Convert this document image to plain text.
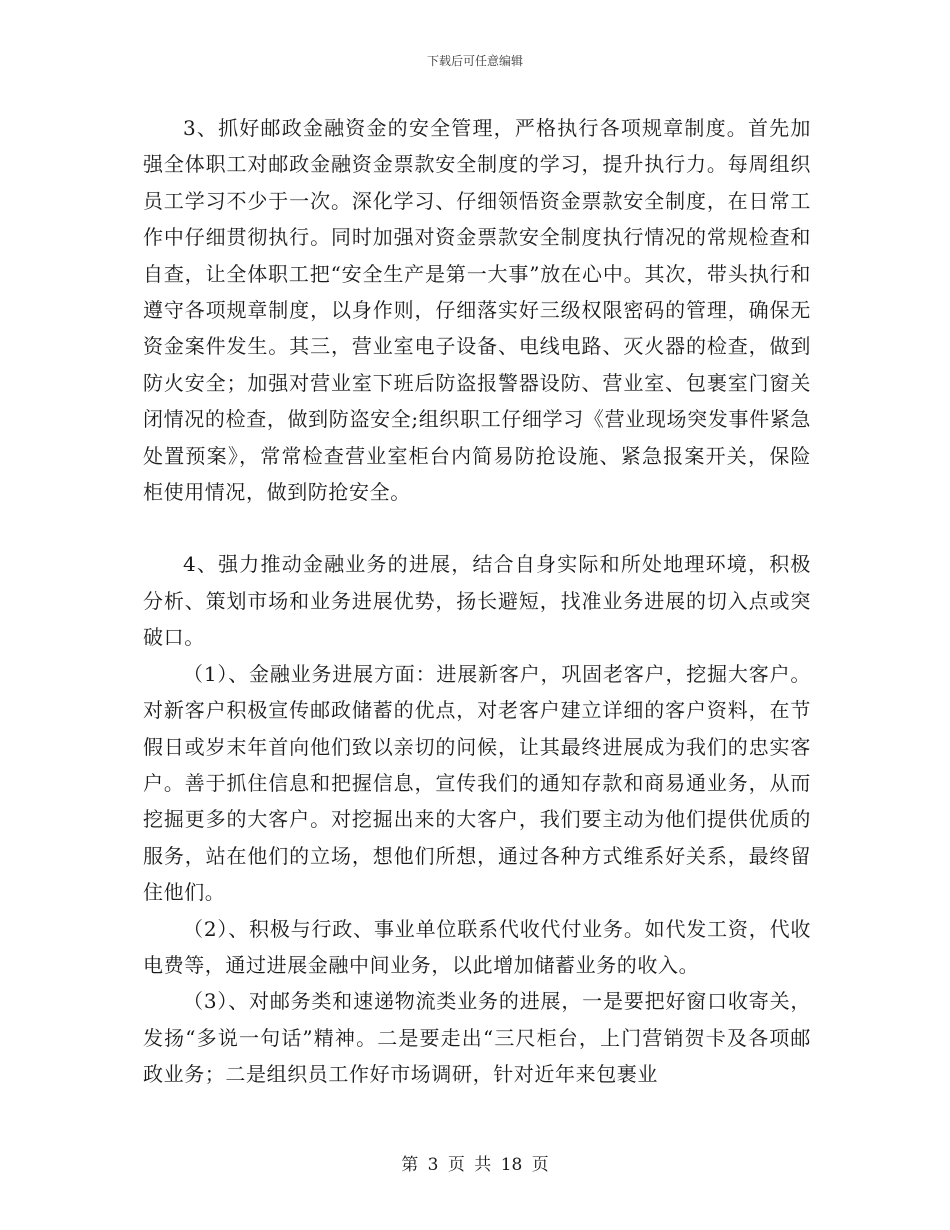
下载后可任意编辑

3、抓好邮政金融资金的安全管理，严格执行各项规章制度。首先加强全体职工对邮政金融资金票款安全制度的学习，提升执行力。每周组织员工学习不少于一次。深化学习、仔细领悟资金票款安全制度，在日常工作中仔细贯彻执行。同时加强对资金票款安全制度执行情况的常规检查和自查，让全体职工把“安全生产是第一大事”放在心中。其次，带头执行和遵守各项规章制度，以身作则，仔细落实好三级权限密码的管理，确保无资金案件发生。其三，营业室电子设备、电线电路、灭火器的检查，做到防火安全；加强对营业室下班后防盗报警器设防、营业室、包裹室门窗关闭情况的检查，做到防盗安全;组织职工仔细学习《营业现场突发事件紧急处置预案》，常常检查营业室柜台内简易防抢设施、紧急报案开关，保险柜使用情况，做到防抢安全。

4、强力推动金融业务的进展，结合自身实际和所处地理环境，积极分析、策划市场和业务进展优势，扬长避短，找准业务进展的切入点或突破口。

（1）、金融业务进展方面：进展新客户，巩固老客户，挖掘大客户。对新客户积极宣传邮政储蓄的优点，对老客户建立详细的客户资料，在节假日或岁末年首向他们致以亲切的问候，让其最终进展成为我们的忠实客户。善于抓住信息和把握信息，宣传我们的通知存款和商易通业务，从而挖掘更多的大客户。对挖掘出来的大客户，我们要主动为他们提供优质的服务，站在他们的立场，想他们所想，通过各种方式维系好关系，最终留住他们。

（2）、积极与行政、事业单位联系代收代付业务。如代发工资，代收电费等，通过进展金融中间业务，以此增加储蓄业务的收入。

（3）、对邮务类和速递物流类业务的进展，一是要把好窗口收寄关，发扬“多说一句话”精神。二是要走出“三尺柜台，上门营销贺卡及各项邮政业务；二是组织员工作好市场调研，针对近年来包裹业

第 3 页 共 18 页
